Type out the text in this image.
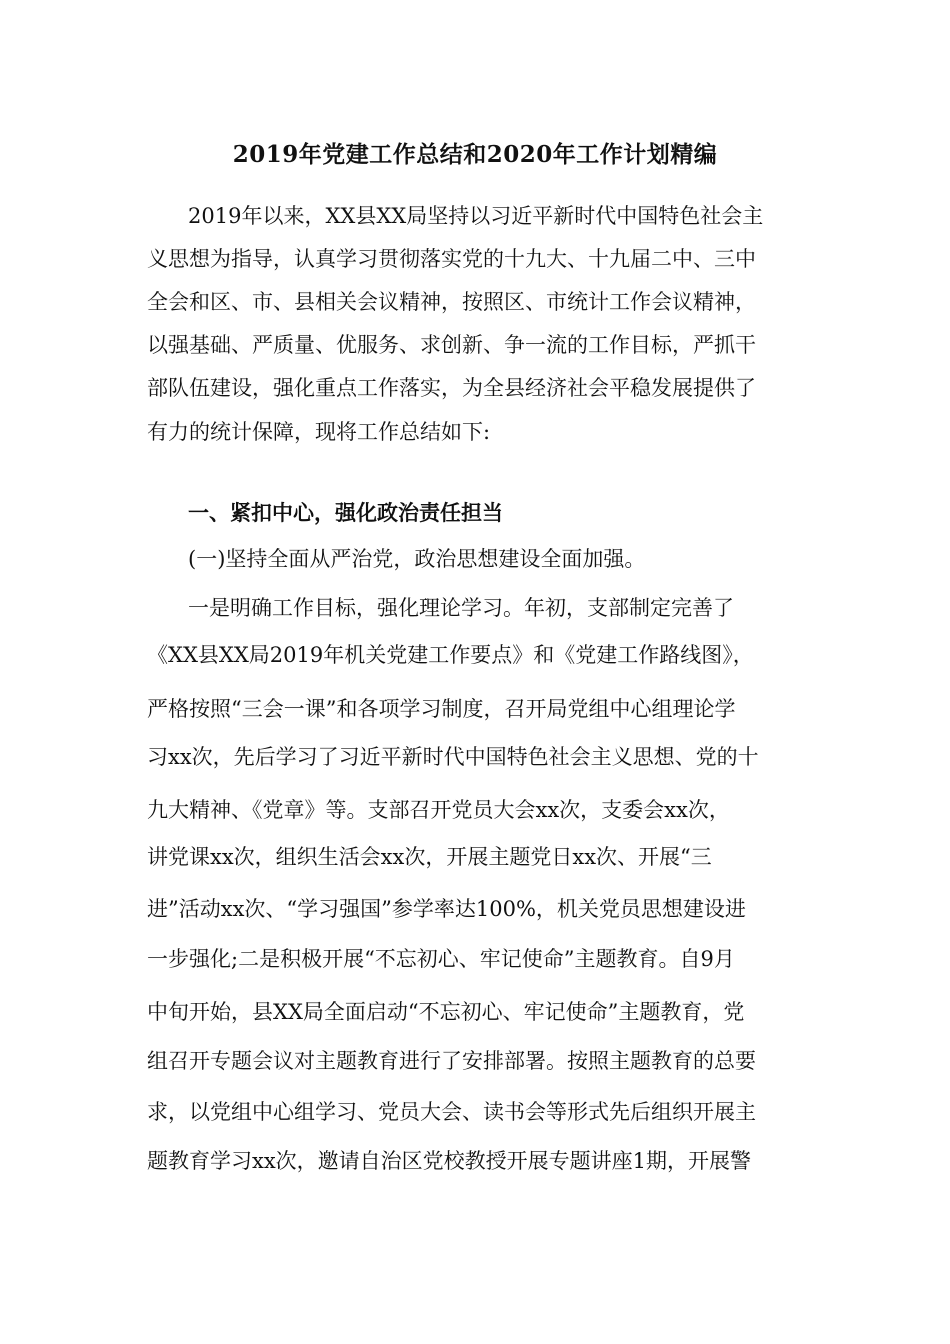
2019年党建工作总结和2020年工作计划精编
2019年以来，XX县XX局坚持以习近平新时代中国特色社会主
义思想为指导，认真学习贯彻落实党的十九大、十九届二中、三中
全会和区、市、县相关会议精神，按照区、市统计工作会议精神，
以强基础、严质量、优服务、求创新、争一流的工作目标，严抓干
部队伍建设，强化重点工作落实，为全县经济社会平稳发展提供了
有力的统计保障，现将工作总结如下:
一、紧扣中心，强化政治责任担当
(一)坚持全面从严治党，政治思想建设全面加强。
一是明确工作目标，强化理论学习。年初，支部制定完善了
《XX县XX局2019年机关党建工作要点》和《党建工作路线图》，
严格按照“三会一课”和各项学习制度，召开局党组中心组理论学
习xx次，先后学习了习近平新时代中国特色社会主义思想、党的十
九大精神、《党章》等。支部召开党员大会xx次，支委会xx次，
讲党课xx次，组织生活会xx次，开展主题党日xx次、开展“三
进”活动xx次、“学习强国”参学率达100%，机关党员思想建设进
一步强化;二是积极开展“不忘初心、牢记使命”主题教育。自9月
中旬开始，县XX局全面启动“不忘初心、牢记使命”主题教育，党
组召开专题会议对主题教育进行了安排部署。按照主题教育的总要
求，以党组中心组学习、党员大会、读书会等形式先后组织开展主
题教育学习xx次，邀请自治区党校教授开展专题讲座1期，开展警
